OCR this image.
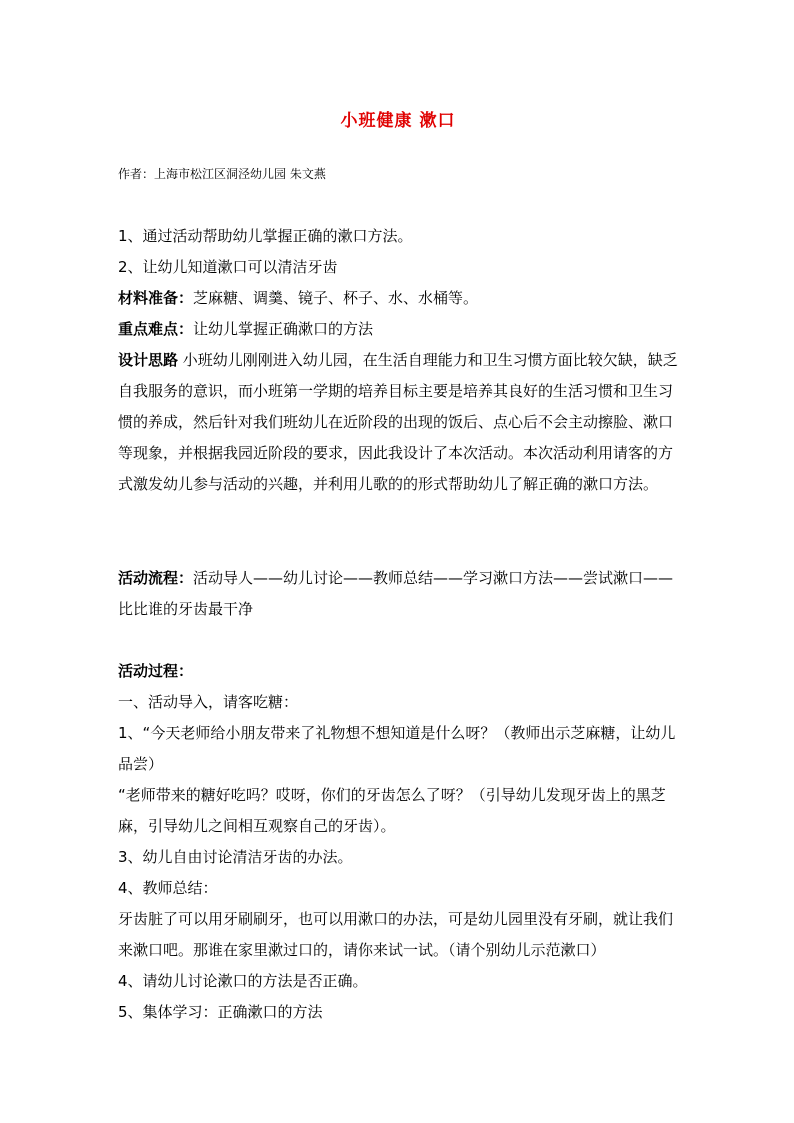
小班健康 漱口
作者：上海市松江区洞泾幼儿园 朱文燕
1、通过活动帮助幼儿掌握正确的漱口方法。
2、让幼儿知道漱口可以清洁牙齿
材料准备：芝麻糖、调羹、镜子、杯子、水、水桶等。
重点难点：让幼儿掌握正确漱口的方法
设计思路 小班幼儿刚刚进入幼儿园，在生活自理能力和卫生习惯方面比较欠缺，缺乏自我服务的意识，而小班第一学期的培养目标主要是培养其良好的生活习惯和卫生习惯的养成，然后针对我们班幼儿在近阶段的出现的饭后、点心后不会主动擦脸、漱口等现象，并根据我园近阶段的要求，因此我设计了本次活动。本次活动利用请客的方式激发幼儿参与活动的兴趣，并利用儿歌的的形式帮助幼儿了解正确的漱口方法。
活动流程：活动导人——幼儿讨论——教师总结——学习漱口方法——尝试漱口——比比谁的牙齿最干净
活动过程：
一、活动导入，请客吃糖：
1、“今天老师给小朋友带来了礼物想不想知道是什么呀？（教师出示芝麻糖，让幼儿品尝）
“老师带来的糖好吃吗？哎呀，你们的牙齿怎么了呀？（引导幼儿发现牙齿上的黑芝麻，引导幼儿之间相互观察自己的牙齿）。
3、幼儿自由讨论清洁牙齿的办法。
4、教师总结：
牙齿脏了可以用牙刷刷牙，也可以用漱口的办法，可是幼儿园里没有牙刷，就让我们来漱口吧。那谁在家里漱过口的，请你来试一试。（请个别幼儿示范漱口）
4、请幼儿讨论漱口的方法是否正确。
5、集体学习：正确漱口的方法
